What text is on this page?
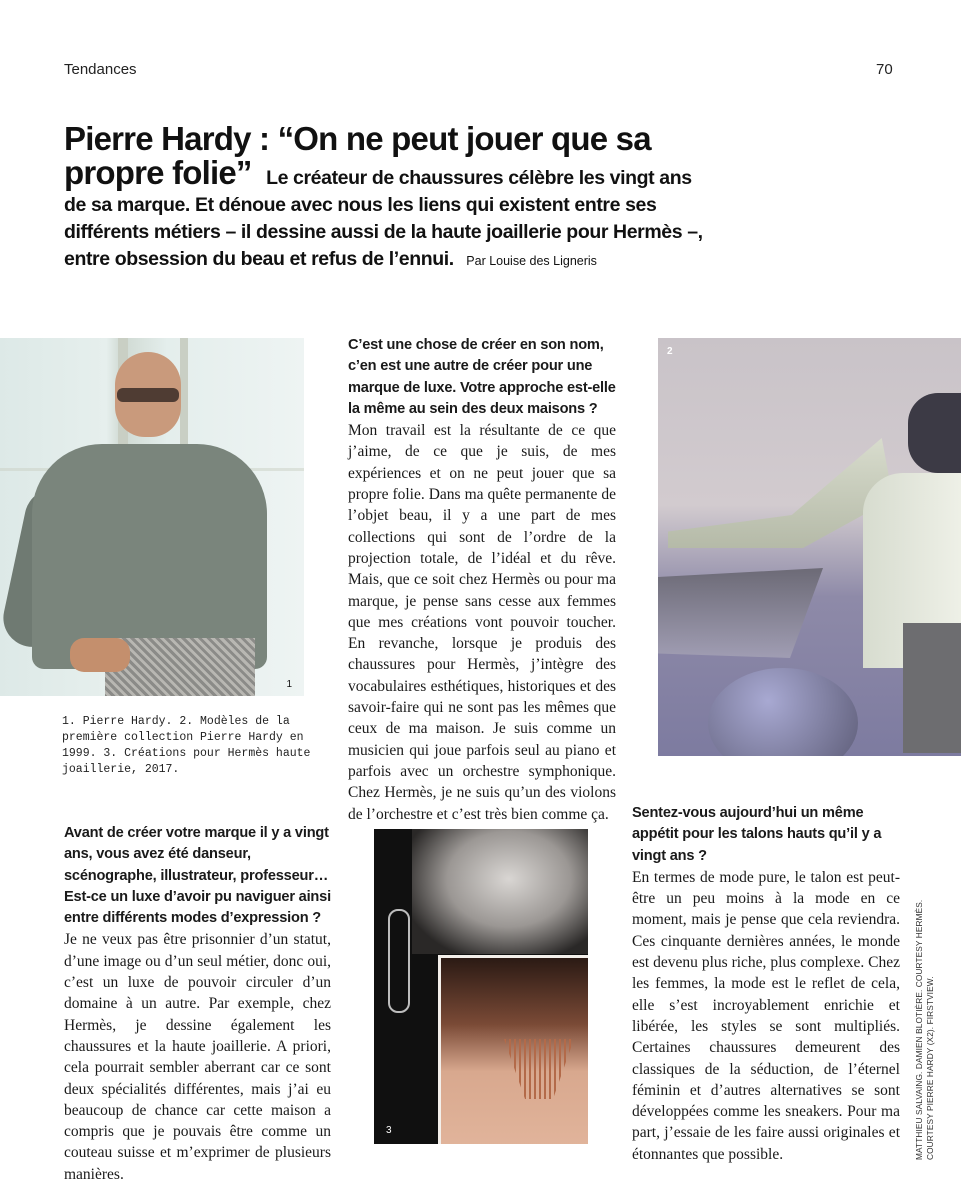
Tendances	70
Pierre Hardy : “On ne peut jouer que sa propre folie” Le créateur de chaussures célèbre les vingt ans de sa marque. Et dénoue avec nous les liens qui existent entre ses différents métiers – il dessine aussi de la haute joaillerie pour Hermès –, entre obsession du beau et refus de l’ennui. Par Louise des Ligneris
1
1. Pierre Hardy. 2. Modèles de la première collection Pierre Hardy en 1999. 3. Créations pour Hermès haute joaillerie, 2017.

C’est une chose de créer en son nom, c’en est une autre de créer pour une marque de luxe. Votre approche est-elle la même au sein des deux maisons ?

Mon travail est la résultante de ce que j’aime, de ce que je suis, de mes expériences et on ne peut jouer que sa propre folie. Dans ma quête permanente de l’objet beau, il y a une part de mes collections qui sont de l’ordre de la projection totale, de l’idéal et du rêve. Mais, que ce soit chez Hermès ou pour ma marque, je pense sans cesse aux femmes que mes créations vont pouvoir toucher. En revanche, lorsque je produis des chaussures pour Hermès, j’intègre des vocabulaires esthétiques, historiques et des savoir-faire qui ne sont pas les mêmes que ceux de ma maison. Je suis comme un musicien qui joue parfois seul au piano et parfois avec un orchestre symphonique. Chez Hermès, je ne suis qu’un des violons de l’orchestre et c’est très bien comme ça.

2

Avant de créer votre marque il y a vingt ans, vous avez été danseur, scénographe, illustrateur, professeur… Est-ce un luxe d’avoir pu naviguer ainsi entre différents modes d’expression ?

Je ne veux pas être prisonnier d’un statut, d’une image ou d’un seul métier, donc oui, c’est un luxe de pouvoir circuler d’un domaine à un autre. Par exemple, chez Hermès, je dessine également les chaussures et la haute joaillerie. A priori, cela pourrait sembler aberrant car ce sont deux spécialités différentes, mais j’ai eu beaucoup de chance car cette maison a compris que je pouvais être comme un couteau suisse et m’exprimer de plusieurs manières.

3

Sentez-vous aujourd’hui un même appétit pour les talons hauts qu’il y a vingt ans ?

En termes de mode pure, le talon est peut-être un peu moins à la mode en ce moment, mais je pense que cela reviendra. Ces cinquante dernières années, le monde est devenu plus riche, plus complexe. Chez les femmes, la mode est le reflet de cela, elle s’est incroyablement enrichie et libérée, les styles se sont multipliés. Certaines chaussures demeurent des classiques de la séduction, de l’éternel féminin et d’autres alternatives se sont développées comme les sneakers. Pour ma part, j’essaie de les faire aussi originales et étonnantes que possible.	MATTHIEU SALVAING. DAMIEN BLOTIÈRE. COURTESY HERMÈS. COURTESY PIERRE HARDY (X2). FIRSTVIEW.
